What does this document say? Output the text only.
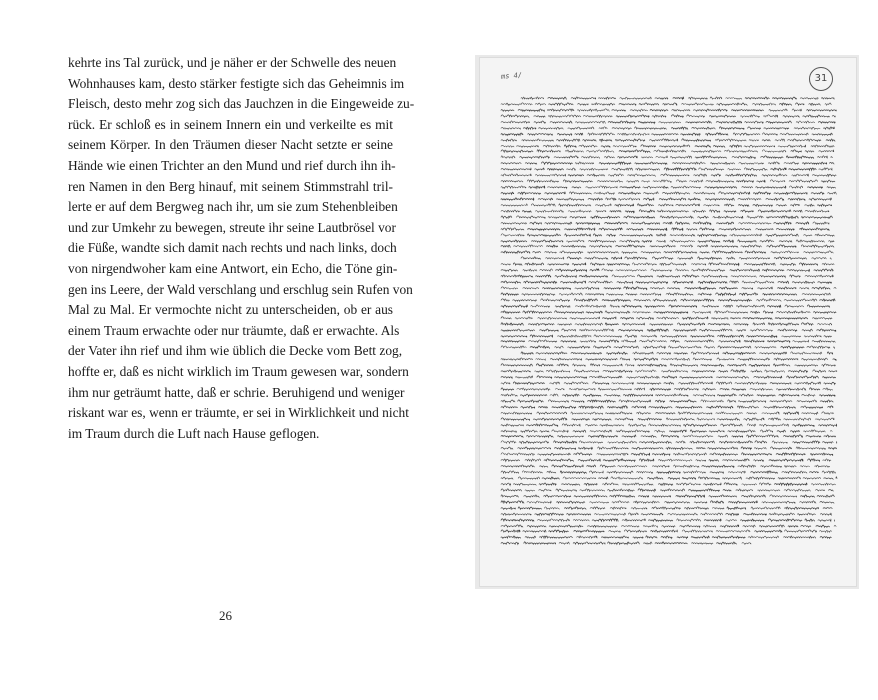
kehrte ins Tal zurück, und je näher er der Schwelle des neuen
Wohnhauses kam, desto stärker festigte sich das Geheimnis im
Fleisch, desto mehr zog sich das Jauchzen in die Eingeweide zu-
rück. Er schloß es in seinem Innern ein und verkeilte es mit
seinem Körper. In den Träumen dieser Nacht setzte er seine
Hände wie einen Trichter an den Mund und rief durch ihn ih-
ren Namen in den Berg hinauf, mit seinem Stimmstrahl tril-
lerte er auf dem Bergweg nach ihr, um sie zum Stehenbleiben
und zur Umkehr zu bewegen, streute ihr seine Lautbrösel vor
die Füße, wandte sich damit nach rechts und nach links, doch
von nirgendwoher kam eine Antwort, ein Echo, die Töne gin-
gen ins Leere, der Wald verschlang und erschlug sein Rufen von
Mal zu Mal. Er vermochte nicht zu unterscheiden, ob er aus
einem Traum erwachte oder nur träumte, daß er erwachte. Als
der Vater ihn rief und ihm wie üblich die Decke vom Bett zog,
hoffte er, daß es nicht wirklich im Traum gewesen war, sondern
ihm nur geträumt hatte, daß er schrie. Beruhigend und weniger
riskant war es, wenn er träumte, er sei in Wirklichkeit und nicht
im Traum durch die Luft nach Hause geflogen.
26
ms 4/	31
